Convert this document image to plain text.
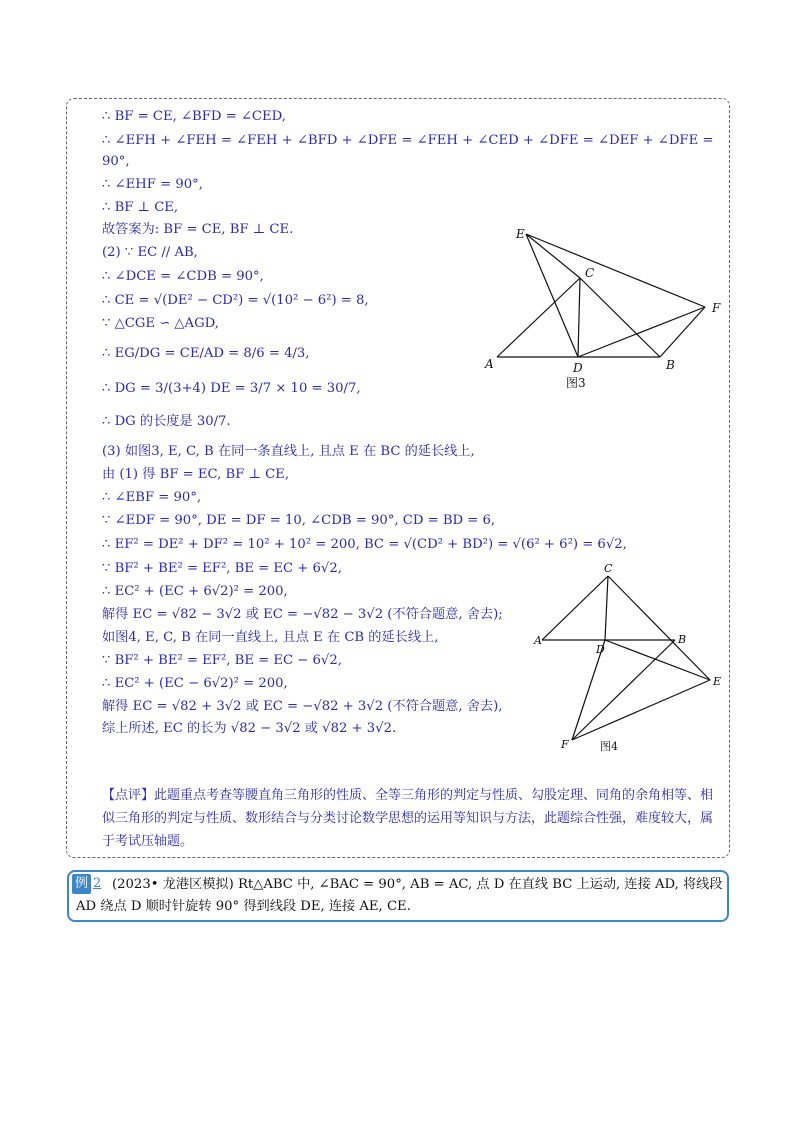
∴ BF = CE, ∠BFD = ∠CED,
∴ ∠EFH + ∠FEH = ∠FEH + ∠BFD + ∠DFE = ∠FEH + ∠CED + ∠DFE = ∠DEF + ∠DFE =
90°,
∴ ∠EHF = 90°,
∴ BF ⊥ CE,
故答案为: BF = CE, BF ⊥ CE.
(2) ∵ EC // AB,
∴ ∠DCE = ∠CDB = 90°,
∴ CE = √(DE² − CD²) = √(10² − 6²) = 8,
∵ △CGE ∽ △AGD,
∴ EG/DG = CE/AD = 8/6 = 4/3,
∴ DG = 3/(3+4) DE = 3/7 × 10 = 30/7,
∴ DG 的长度是 30/7.
(3) 如图3, E, C, B 在同一条直线上, 且点 E 在 BC 的延长线上,
由 (1) 得 BF = EC, BF ⊥ CE,
∴ ∠EBF = 90°,
∵ ∠EDF = 90°, DE = DF = 10, ∠CDB = 90°, CD = BD = 6,
∴ EF² = DE² + DF² = 10² + 10² = 200, BC = √(CD² + BD²) = √(6² + 6²) = 6√2,
∵ BF² + BE² = EF², BE = EC + 6√2,
∴ EC² + (EC + 6√2)² = 200,
解得 EC = √82 − 3√2 或 EC = −√82 − 3√2 (不符合题意, 舍去);
如图4, E, C, B 在同一直线上, 且点 E 在 CB 的延长线上,
∵ BF² + BE² = EF², BE = EC − 6√2,
∴ EC² + (EC − 6√2)² = 200,
解得 EC = √82 + 3√2 或 EC = −√82 + 3√2 (不符合题意, 舍去),
综上所述, EC 的长为 √82 − 3√2 或 √82 + 3√2.
【点评】此题重点考查等腰直角三角形的性质、全等三角形的判定与性质、勾股定理、同角的余角相等、相似三角形的判定与性质、数形结合与分类讨论数学思想的运用等知识与方法，此题综合性强，难度较大，属于考试压轴题。
E
C
F
A	D	B
图3
C
A	B
D
E
F	图4
例 2 (2023• 龙港区模拟) Rt△ABC 中, ∠BAC = 90°, AB = AC, 点 D 在直线 BC 上运动, 连接 AD, 将线段
AD 绕点 D 顺时针旋转 90° 得到线段 DE, 连接 AE, CE.
